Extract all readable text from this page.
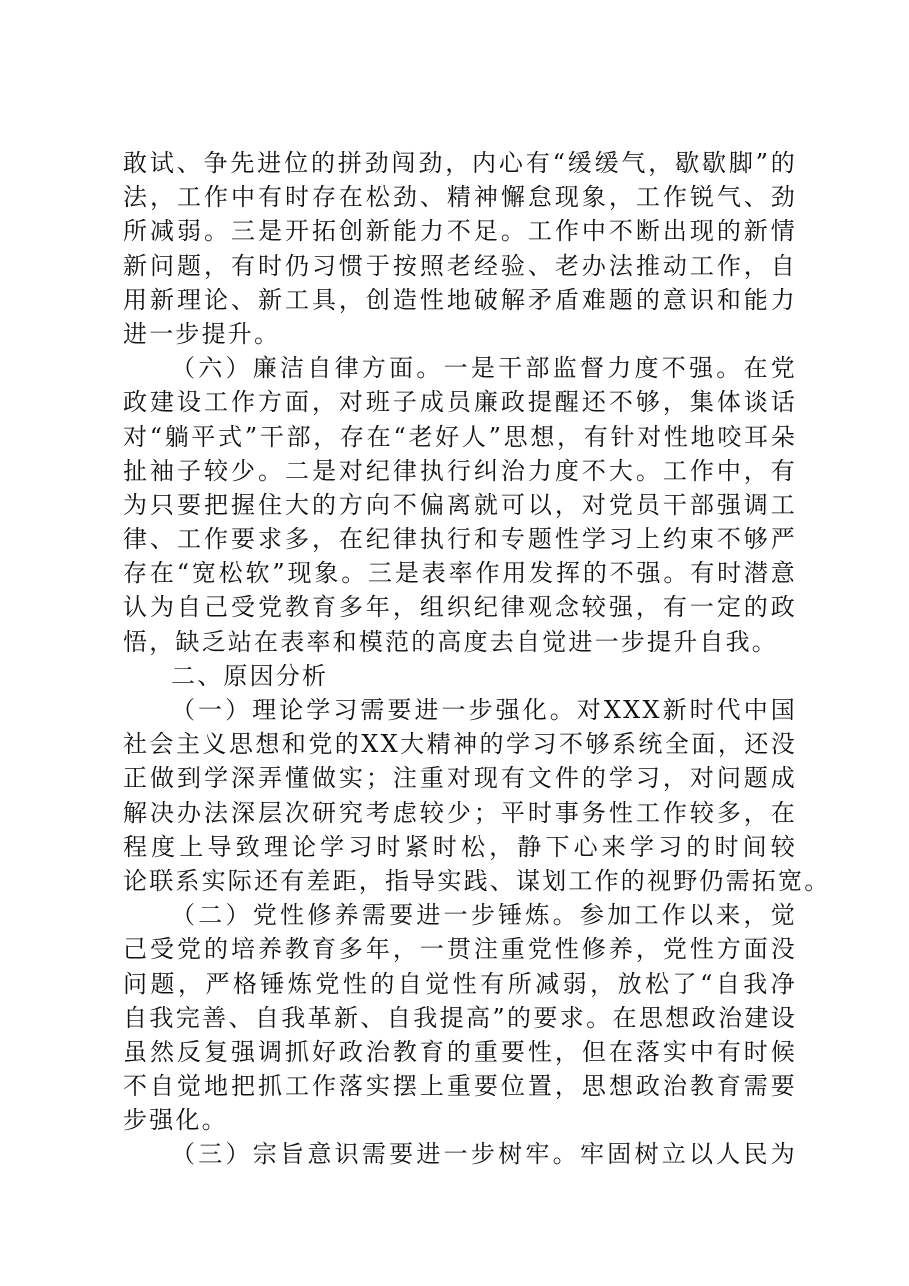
敢试、争先进位的拼劲闯劲，内心有“缓缓气，歇歇脚”的
法，工作中有时存在松劲、精神懈怠现象，工作锐气、劲
所减弱。三是开拓创新能力不足。工作中不断出现的新情
新问题，有时仍习惯于按照老经验、老办法推动工作，自
用新理论、新工具，创造性地破解矛盾难题的意识和能力
进一步提升。
（六）廉洁自律方面。一是干部监督力度不强。在党
政建设工作方面，对班子成员廉政提醒还不够，集体谈话
对“躺平式”干部，存在“老好人”思想，有针对性地咬耳朵
扯袖子较少。二是对纪律执行纠治力度不大。工作中，有
为只要把握住大的方向不偏离就可以，对党员干部强调工
律、工作要求多，在纪律执行和专题性学习上约束不够严
存在“宽松软”现象。三是表率作用发挥的不强。有时潜意
认为自己受党教育多年，组织纪律观念较强，有一定的政
悟，缺乏站在表率和模范的高度去自觉进一步提升自我。
二、原因分析
（一）理论学习需要进一步强化。对XXX新时代中国
社会主义思想和党的XX大精神的学习不够系统全面，还没
正做到学深弄懂做实；注重对现有文件的学习，对问题成
解决办法深层次研究考虑较少；平时事务性工作较多，在
程度上导致理论学习时紧时松，静下心来学习的时间较
论联系实际还有差距，指导实践、谋划工作的视野仍需拓宽。
（二）党性修养需要进一步锤炼。参加工作以来，觉
己受党的培养教育多年，一贯注重党性修养，党性方面没
问题，严格锤炼党性的自觉性有所减弱，放松了“自我净
自我完善、自我革新、自我提高”的要求。在思想政治建设
虽然反复强调抓好政治教育的重要性，但在落实中有时候
不自觉地把抓工作落实摆上重要位置，思想政治教育需要
步强化。
（三）宗旨意识需要进一步树牢。牢固树立以人民为
